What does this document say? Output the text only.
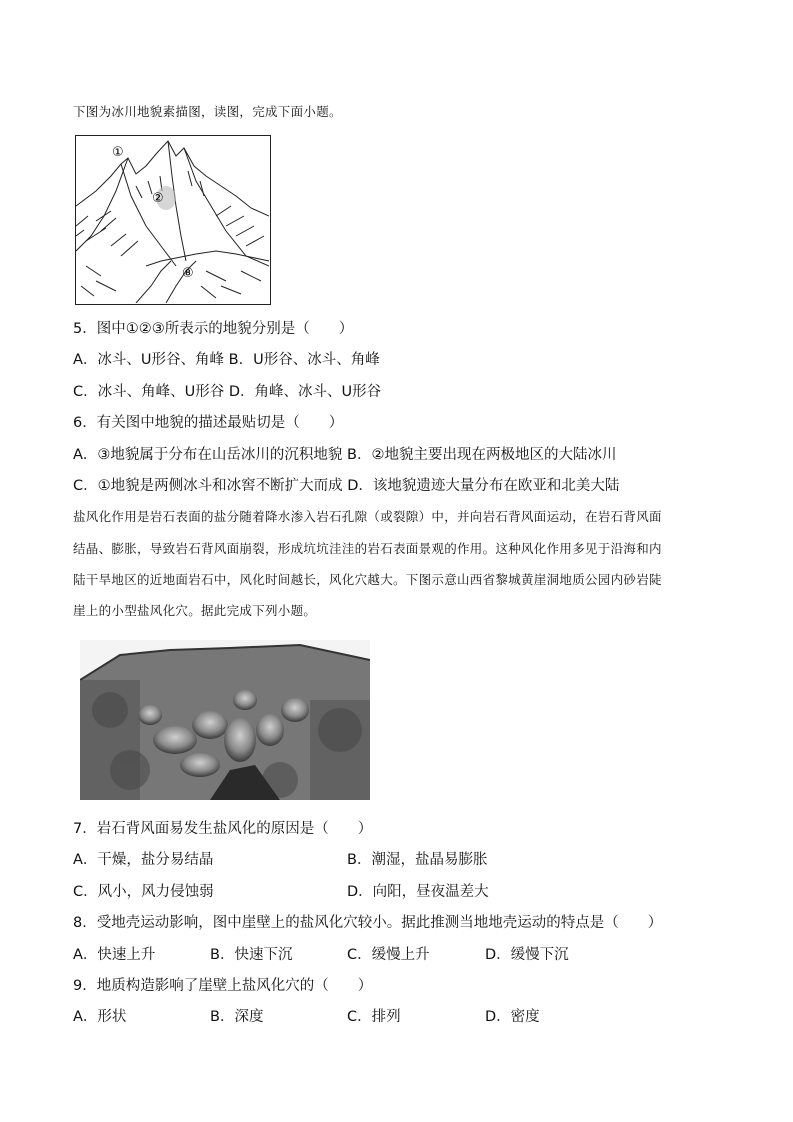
下图为冰川地貌素描图，读图，完成下面小题。
①
②
⑧
5．图中①②③所表示的地貌分别是（　　）
A．冰斗、U形谷、角峰 B．U形谷、冰斗、角峰
C．冰斗、角峰、U形谷 D．角峰、冰斗、U形谷
6．有关图中地貌的描述最贴切是（　　）
A．③地貌属于分布在山岳冰川的沉积地貌 B．②地貌主要出现在两极地区的大陆冰川
C．①地貌是两侧冰斗和冰窖不断扩大而成 D．该地貌遗迹大量分布在欧亚和北美大陆
盐风化作用是岩石表面的盐分随着降水渗入岩石孔隙（或裂隙）中，并向岩石背风面运动，在岩石背风面
结晶、膨胀，导致岩石背风面崩裂，形成坑坑洼洼的岩石表面景观的作用。这种风化作用多见于沿海和内
陆干旱地区的近地面岩石中，风化时间越长，风化穴越大。下图示意山西省黎城黄崖洞地质公园内砂岩陡
崖上的小型盐风化穴。据此完成下列小题。
7．岩石背风面易发生盐风化的原因是（　　）
A．干燥，盐分易结晶	B．潮湿，盐晶易膨胀
C．风小，风力侵蚀弱	D．向阳，昼夜温差大
8．受地壳运动影响，图中崖壁上的盐风化穴较小。据此推测当地地壳运动的特点是（　　）
A．快速上升	B．快速下沉	C．缓慢上升	D．缓慢下沉
9．地质构造影响了崖壁上盐风化穴的（　　）
A．形状	B．深度	C．排列	D．密度
